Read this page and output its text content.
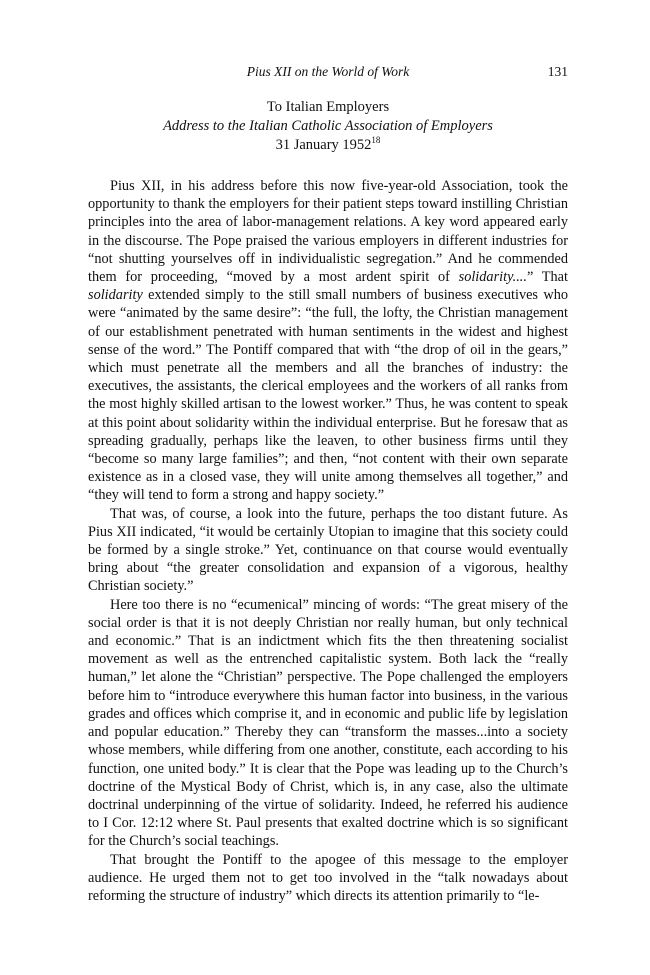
Pius XII on the World of Work	131
To Italian Employers
Address to the Italian Catholic Association of Employers
31 January 1952$^{18}$

Pius XII, in his address before this now five-year-old Association, took the opportunity to thank the employers for their patient steps toward instilling Christian principles into the area of labor-management relations. A key word appeared early in the discourse. The Pope praised the various employers in different industries for “not shutting yourselves off in individualistic segregation.” And he commended them for proceeding, “moved by a most ardent spirit of solidarity....” That solidarity extended simply to the still small numbers of business executives who were “animated by the same desire”: “the full, the lofty, the Christian management of our establishment penetrated with human sentiments in the widest and highest sense of the word.” The Pontiff compared that with “the drop of oil in the gears,” which must penetrate all the members and all the branches of industry: the executives, the assistants, the clerical employees and the workers of all ranks from the most highly skilled artisan to the lowest worker.” Thus, he was content to speak at this point about solidarity within the individual enterprise. But he foresaw that as spreading gradually, perhaps like the leaven, to other business firms until they “become so many large families”; and then, “not content with their own separate existence as in a closed vase, they will unite among themselves all together,” and “they will tend to form a strong and happy society.”

That was, of course, a look into the future, perhaps the too distant future. As Pius XII indicated, “it would be certainly Utopian to imagine that this society could be formed by a single stroke.” Yet, continuance on that course would eventually bring about “the greater consolidation and expansion of a vigorous, healthy Christian society.”

Here too there is no “ecumenical” mincing of words: “The great misery of the social order is that it is not deeply Christian nor really human, but only technical and economic.” That is an indictment which fits the then threatening socialist movement as well as the entrenched capitalistic system. Both lack the “really human,” let alone the “Christian” perspective. The Pope challenged the employers before him to “introduce everywhere this human factor into business, in the various grades and offices which comprise it, and in economic and public life by legislation and popular education.” Thereby they can “transform the masses...into a society whose members, while differing from one another, constitute, each according to his function, one united body.” It is clear that the Pope was leading up to the Church’s doctrine of the Mystical Body of Christ, which is, in any case, also the ultimate doctrinal underpinning of the virtue of solidarity. Indeed, he referred his audience to I Cor. 12:12 where St. Paul presents that exalted doctrine which is so significant for the Church’s social teachings.

That brought the Pontiff to the apogee of this message to the employer audience. He urged them not to get too involved in the “talk nowadays about reforming the structure of industry” which directs its attention primarily to “le-
